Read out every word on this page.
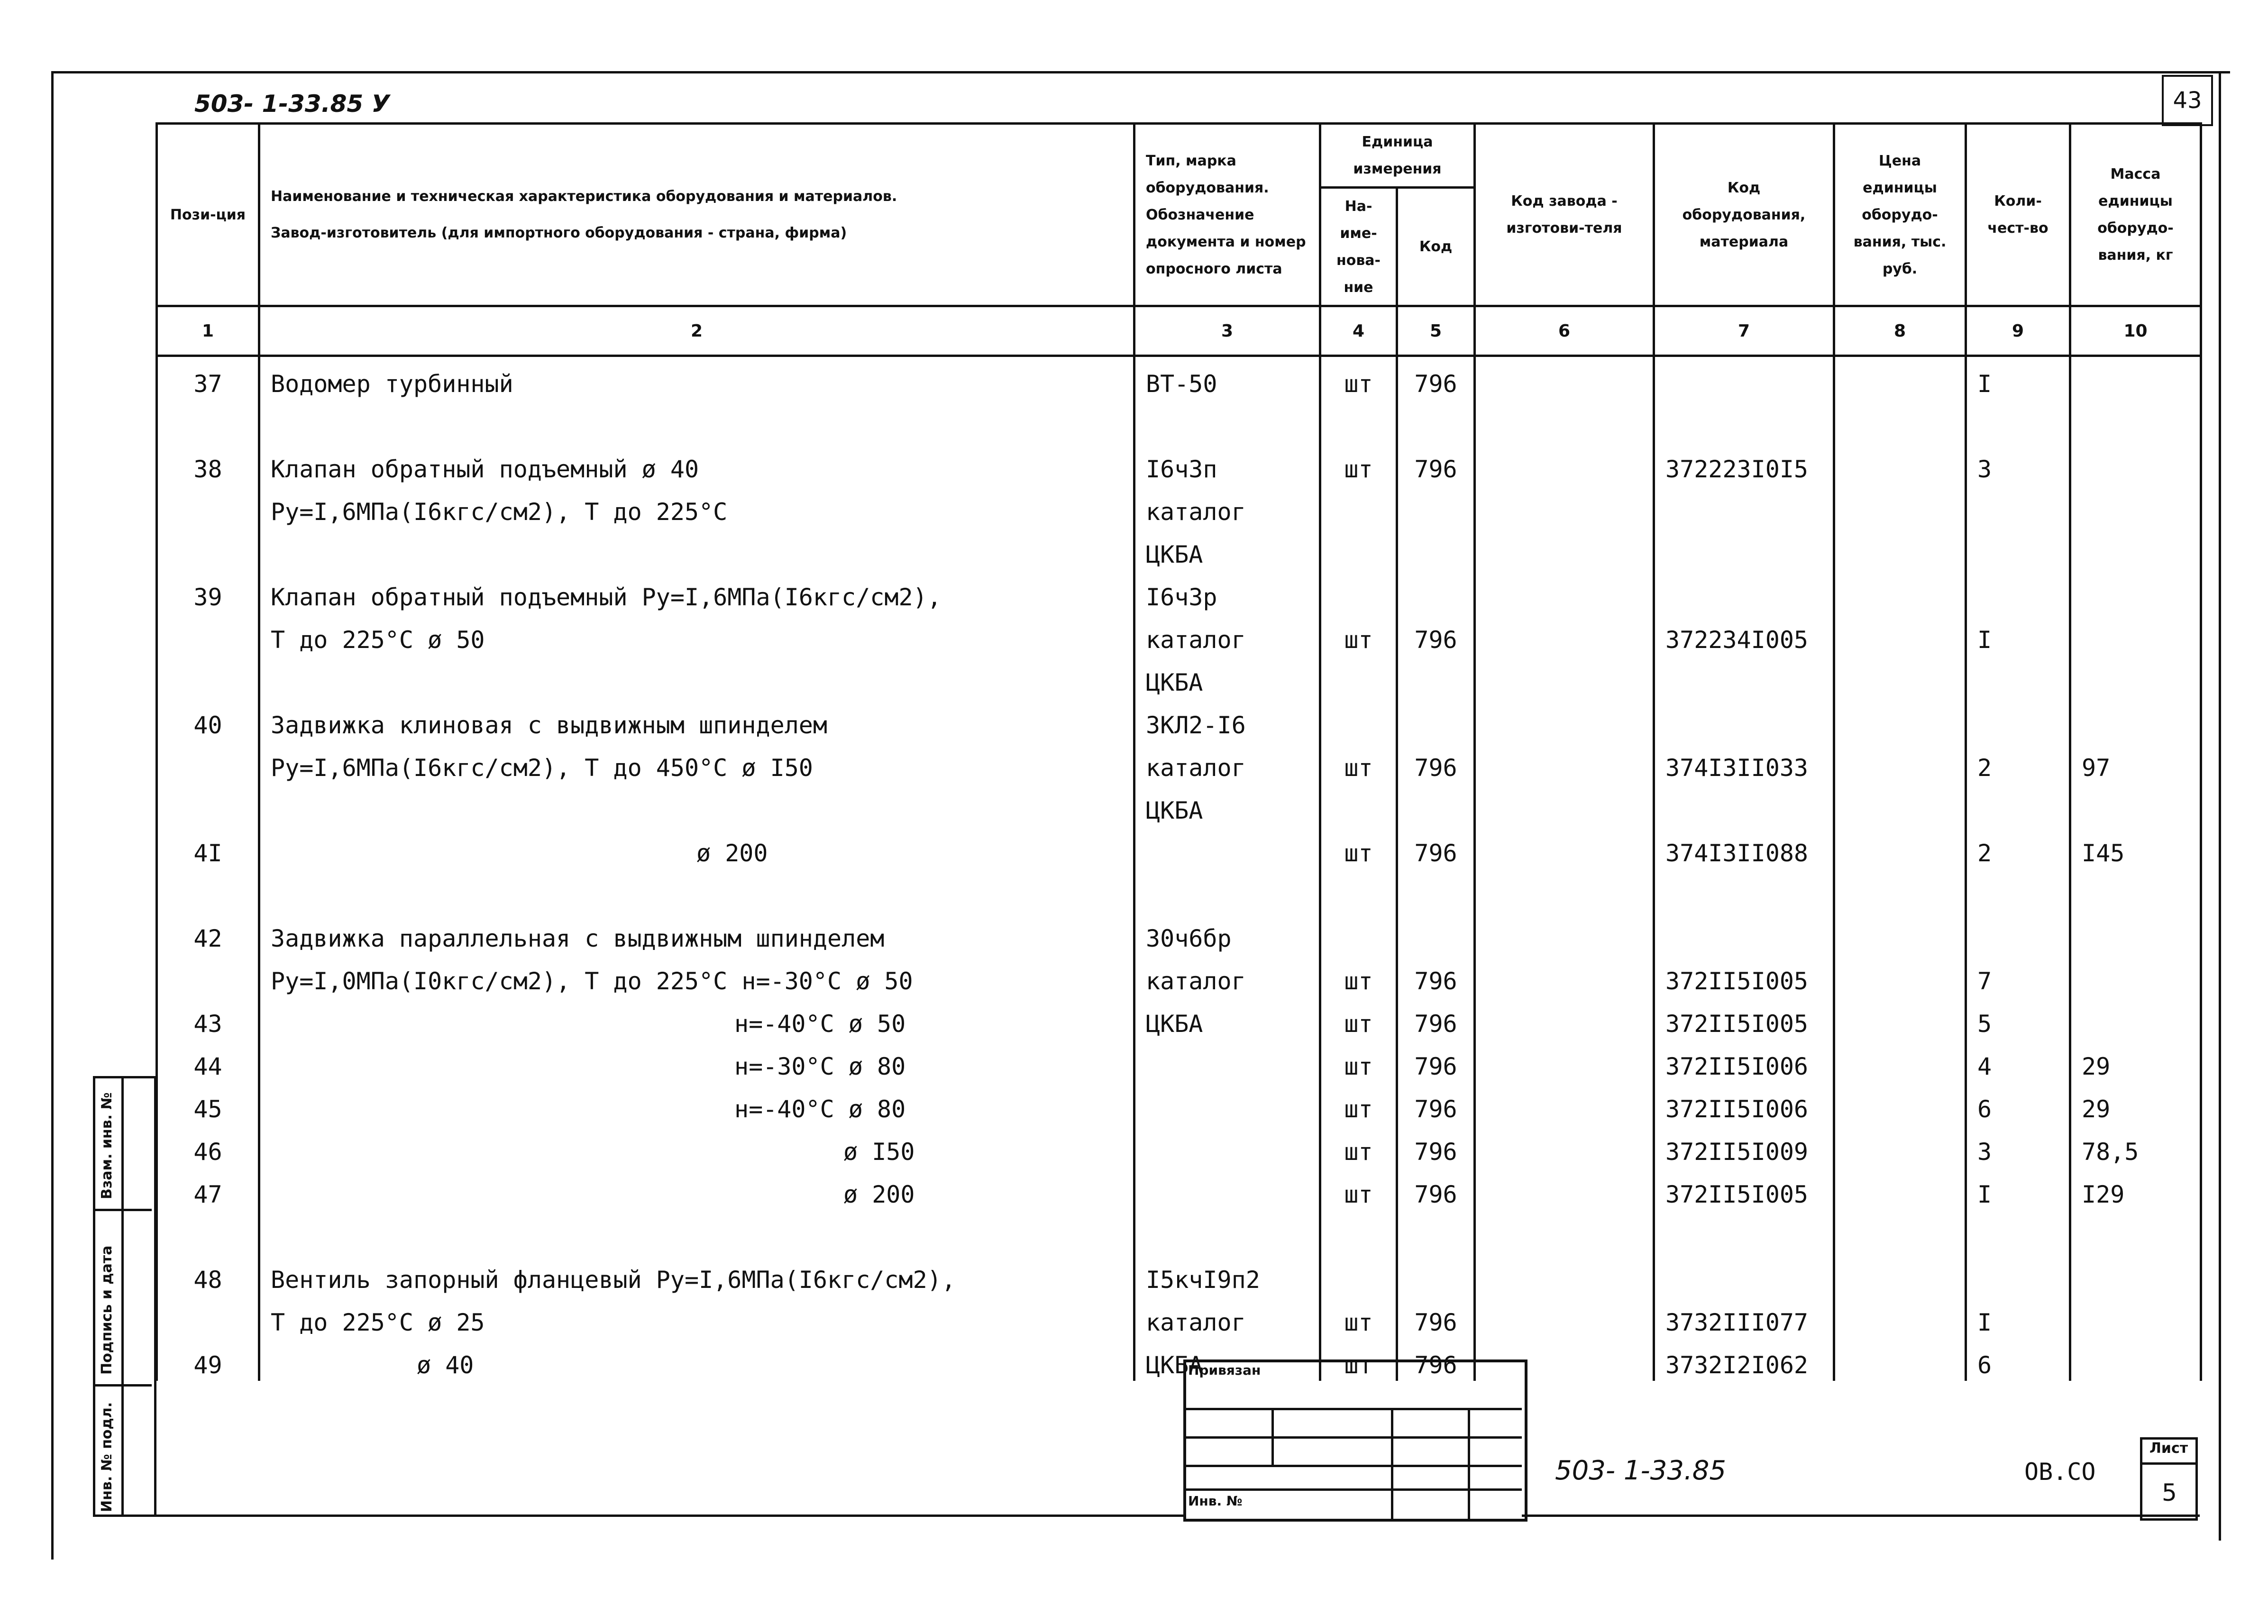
503- 1-33.85 У	43
Пози-ция	Наименование и техническая характеристика оборудования и материалов.
Завод-изготовитель (для импортного оборудования - страна, фирма)	Тип, марка оборудования. Обозначение документа и номер опросного листа	Единица измерения		Код завода - изготови-теля	Код оборудования, материала	Цена единицы оборудо-вания, тыс. руб.	Коли-чест-во	Масса единицы оборудо-вания, кг
			На-име-нова-ние	Код					
1	2	3	4	5	6	7	8	9	10
37	Водомер турбинный	ВТ-50	шт	796				I	

38	Клапан обратный подъемный ø 40	I6ч3п	шт	796		372223I0I5		3	
	Ру=I,6МПа(I6кгс/см2), Т до 225°С	каталог							
		ЦКБА							
39	Клапан обратный подъемный Ру=I,6МПа(I6кгс/см2),	I6ч3р							
	Т до 225°С ø 50	каталог	шт	796		372234I005		I	
		ЦКБА							
40	Задвижка клиновая с выдвижным шпинделем	3КЛ2-I6							
	Ру=I,6МПа(I6кгс/см2), Т до 450°С ø I50	каталог	шт	796		374I3II033		2	97
		ЦКБА							
4I	ø 200		шт	796		374I3II088		2	I45

42	Задвижка параллельная с выдвижным шпинделем	30ч6бр							
	Ру=I,0МПа(I0кгс/см2), Т до 225°С н=-30°С ø 50	каталог	шт	796		372II5I005		7	
43	н=-40°С ø 50	ЦКБА	шт	796		372II5I005		5	
44	н=-30°С ø 80		шт	796		372II5I006		4	29
45	н=-40°С ø 80		шт	796		372II5I006		6	29
46	ø I50		шт	796		372II5I009		3	78,5
47	ø 200		шт	796		372II5I005		I	I29

48	Вентиль запорный фланцевый Ру=I,6МПа(I6кгс/см2),	I5кчI9п2							
	Т до 225°С ø 25	каталог	шт	796		3732III077		I	
49	ø 40	ЦКБА	шт	796		3732I2I062		6	
Взам. инв. №
Подпись и дата
Инв. № подл.
Привязан
Инв. №
503- 1-33.85	ОВ.СО
Лист
5
